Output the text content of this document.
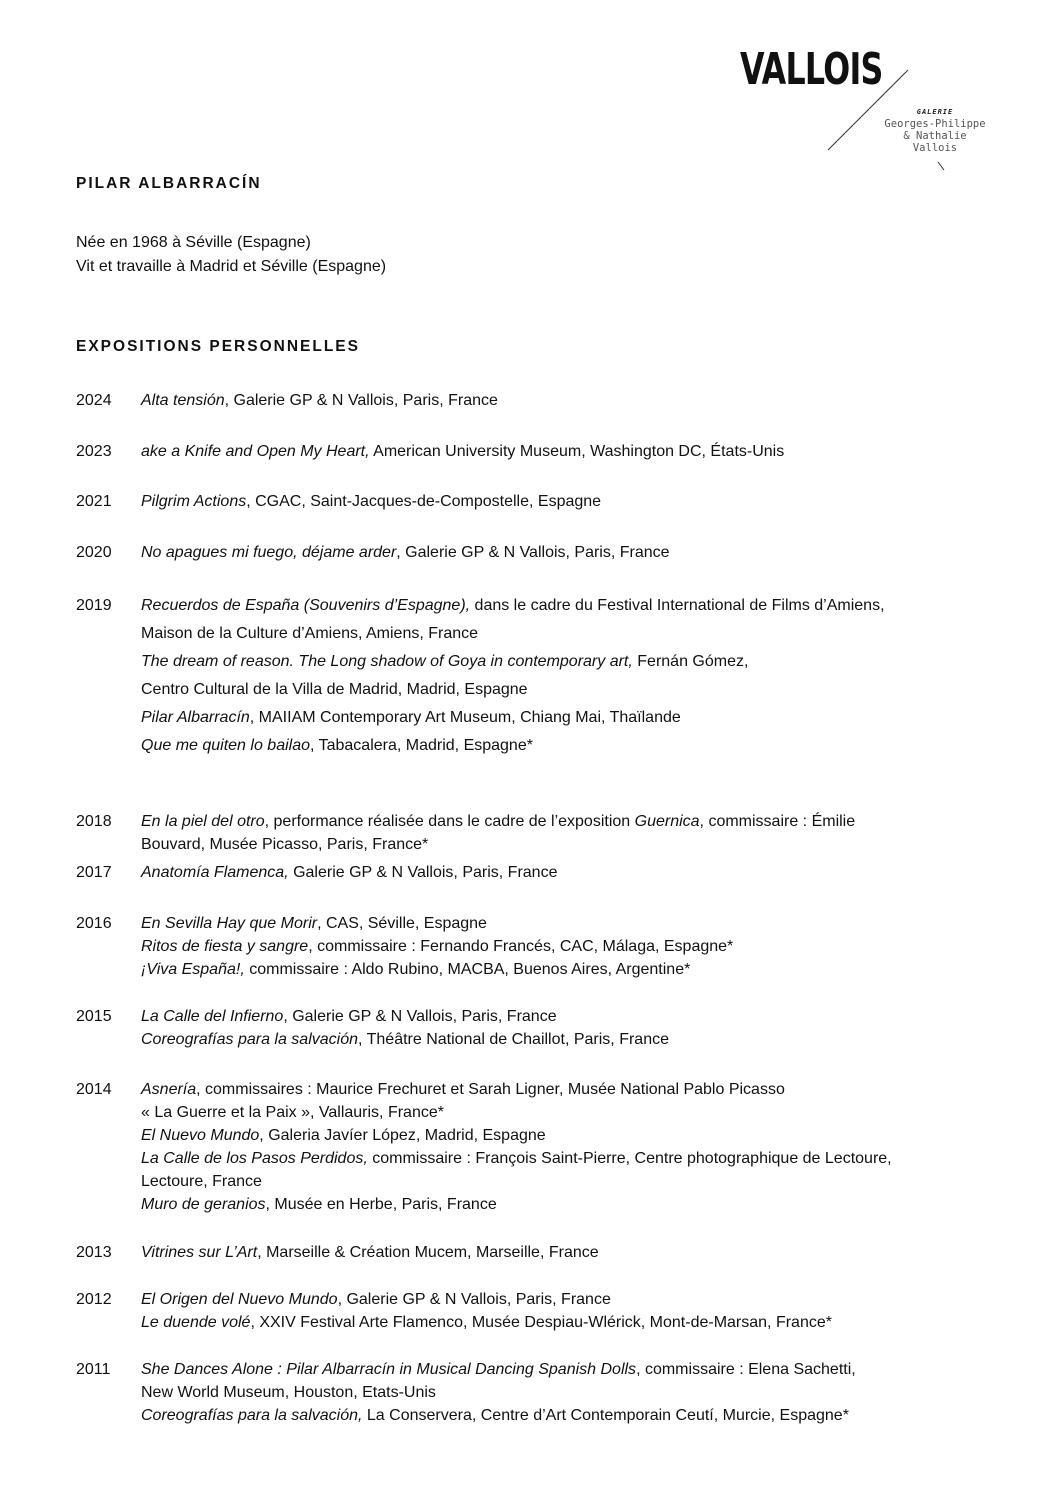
VALLOIS
GALERIE
Georges-Philippe
& Nathalie
Vallois
PILAR ALBARRACÍN
Née en 1968 à Séville (Espagne)
Vit et travaille à Madrid et Séville (Espagne)
EXPOSITIONS PERSONNELLES
2024 Alta tensión, Galerie GP & N Vallois, Paris, France
2023 ake a Knife and Open My Heart, American University Museum, Washington DC, États-Unis
2021 Pilgrim Actions, CGAC, Saint-Jacques-de-Compostelle, Espagne
2020 No apagues mi fuego, déjame arder, Galerie GP & N Vallois, Paris, France
2019 Recuerdos de España (Souvenirs d’Espagne), dans le cadre du Festival International de Films d’Amiens,
Maison de la Culture d’Amiens, Amiens, France
The dream of reason. The Long shadow of Goya in contemporary art, Fernán Gómez,
Centro Cultural de la Villa de Madrid, Madrid, Espagne
Pilar Albarracín, MAIIAM Contemporary Art Museum, Chiang Mai, Thaïlande
Que me quiten lo bailao, Tabacalera, Madrid, Espagne*
2018 En la piel del otro, performance réalisée dans le cadre de l’exposition Guernica, commissaire : Émilie
Bouvard, Musée Picasso, Paris, France*
2017 Anatomía Flamenca, Galerie GP & N Vallois, Paris, France
2016 En Sevilla Hay que Morir, CAS, Séville, Espagne
Ritos de fiesta y sangre, commissaire : Fernando Francés, CAC, Málaga, Espagne*
¡Viva España!, commissaire : Aldo Rubino, MACBA, Buenos Aires, Argentine*
2015 La Calle del Infierno, Galerie GP & N Vallois, Paris, France
Coreografías para la salvación, Théâtre National de Chaillot, Paris, France
2014 Asnería, commissaires : Maurice Frechuret et Sarah Ligner, Musée National Pablo Picasso
« La Guerre et la Paix », Vallauris, France*
El Nuevo Mundo, Galeria Javíer López, Madrid, Espagne
La Calle de los Pasos Perdidos, commissaire : François Saint-Pierre, Centre photographique de Lectoure,
Lectoure, France
Muro de geranios, Musée en Herbe, Paris, France
2013 Vitrines sur L’Art, Marseille & Création Mucem, Marseille, France
2012 El Origen del Nuevo Mundo, Galerie GP & N Vallois, Paris, France
Le duende volé, XXIV Festival Arte Flamenco, Musée Despiau-Wlérick, Mont-de-Marsan, France*
2011 She Dances Alone : Pilar Albarracín in Musical Dancing Spanish Dolls, commissaire : Elena Sachetti,
New World Museum, Houston, Etats-Unis
Coreografías para la salvación, La Conservera, Centre d’Art Contemporain Ceutí, Murcie, Espagne*
